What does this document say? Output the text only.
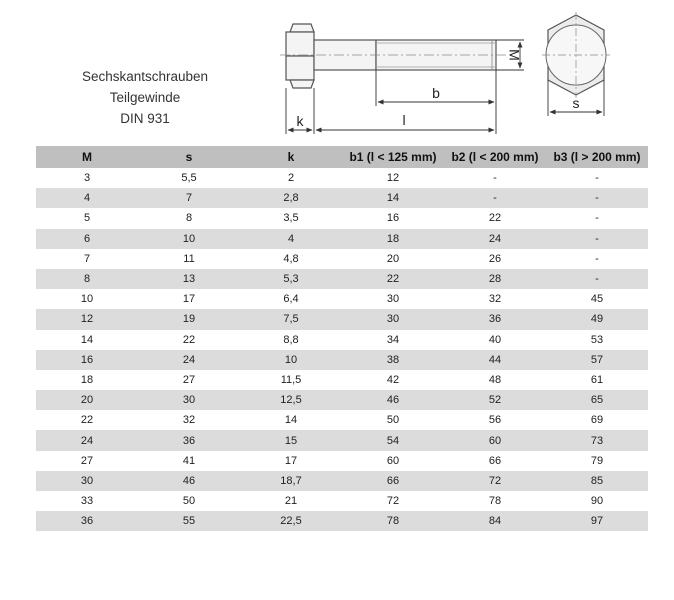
Sechskantschrauben
Teilgewinde
DIN 931
M
b
k	l
s
M	s	k	b1 (l < 125 mm)	b2 (l < 200 mm)	b3 (l > 200 mm)
3	5,5	2	12	-	-
4	7	2,8	14	-	-
5	8	3,5	16	22	-
6	10	4	18	24	-
7	11	4,8	20	26	-
8	13	5,3	22	28	-
10	17	6,4	30	32	45
12	19	7,5	30	36	49
14	22	8,8	34	40	53
16	24	10	38	44	57
18	27	11,5	42	48	61
20	30	12,5	46	52	65
22	32	14	50	56	69
24	36	15	54	60	73
27	41	17	60	66	79
30	46	18,7	66	72	85
33	50	21	72	78	90
36	55	22,5	78	84	97
